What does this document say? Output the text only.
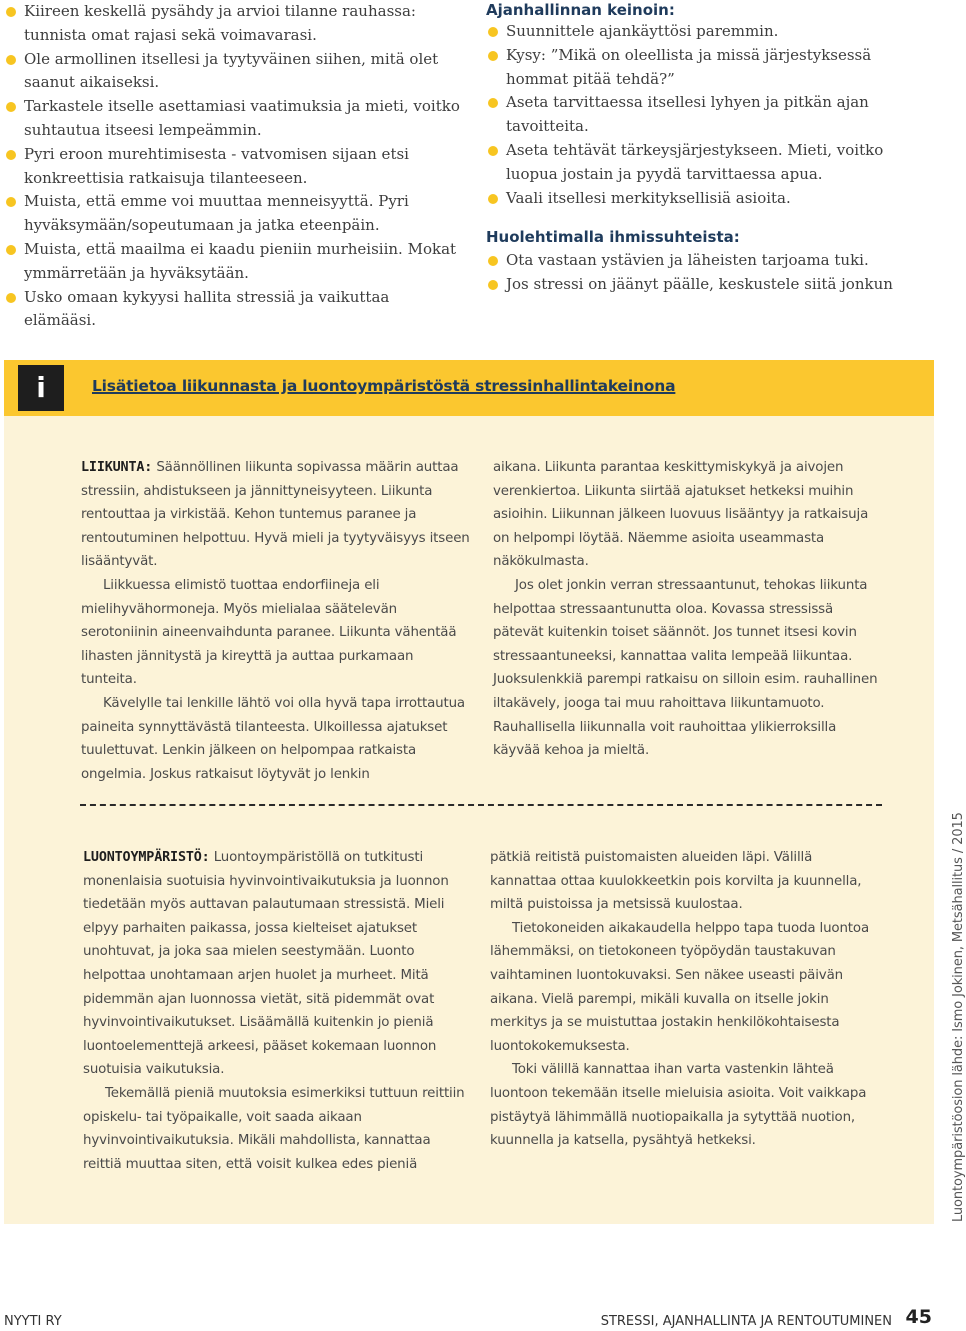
Kiireen keskellä pysähdy ja arvioi tilanne rauhassa: tunnista omat rajasi sekä voimavarasi.
Ole armollinen itsellesi ja tyytyväinen siihen, mitä olet saanut aikaiseksi.
Tarkastele itselle asettamiasi vaatimuksia ja mieti, voitko suhtautua itseesi lempeämmin.
Pyri eroon murehtimisesta - vatvomisen sijaan etsi konkreettisia ratkaisuja tilanteeseen.
Muista, että emme voi muuttaa menneisyyttä. Pyri hyväksymään/sopeutumaan ja jatka eteenpäin.
Muista, että maailma ei kaadu pieniin murheisiin. Mokat ymmärretään ja hyväksytään.
Usko omaan kykyysi hallita stressiä ja vaikuttaa elämääsi.
Ajanhallinnan keinoin:
Suunnittele ajankäyttösi paremmin.
Kysy: ”Mikä on oleellista ja missä järjestyksessä hommat pitää tehdä?”
Aseta tarvittaessa itsellesi lyhyen ja pitkän ajan tavoitteita.
Aseta tehtävät tärkeysjärjestykseen. Mieti, voitko luopua jostain ja pyydä tarvittaessa apua.
Vaali itsellesi merkityksellisiä asioita.
Huolehtimalla ihmissuhteista:
Ota vastaan ystävien ja läheisten tarjoama tuki.
Jos stressi on jäänyt päälle, keskustele siitä jonkun
i	Lisätietoa liikunnasta ja luontoympäristöstä stressinhallintakeinona

LIIKUNTA: Säännöllinen liikunta sopivassa määrin auttaa stressiin, ahdistukseen ja jännittyneisyyteen. Liikunta rentouttaa ja virkistää. Kehon tuntemus paranee ja rentoutuminen helpottuu. Hyvä mieli ja tyytyväisyys itseen lisääntyvät.

Liikkuessa elimistö tuottaa endorfiineja eli mielihyvähormoneja. Myös mielialaa säätelevän serotoniinin aineenvaihdunta paranee. Liikunta vähentää lihasten jännitystä ja kireyttä ja auttaa purkamaan tunteita.

Kävelylle tai lenkille lähtö voi olla hyvä tapa irrottautua paineita synnyttävästä tilanteesta. Ulkoillessa ajatukset tuulettuvat. Lenkin jälkeen on helpompaa ratkaista ongelmia. Joskus ratkaisut löytyvät jo lenkin

aikana. Liikunta parantaa keskittymiskykyä ja aivojen verenkiertoa. Liikunta siirtää ajatukset hetkeksi muihin asioihin. Liikunnan jälkeen luovuus lisääntyy ja ratkaisuja on helpompi löytää. Näemme asioita useammasta näkökulmasta.

Jos olet jonkin verran stressaantunut, tehokas liikunta helpottaa stressaantunutta oloa. Kovassa stressissä pätevät kuitenkin toiset säännöt. Jos tunnet itsesi kovin stressaantuneeksi, kannattaa valita lempeää liikuntaa. Juoksulenkkiä parempi ratkaisu on silloin esim. rauhallinen iltakävely, jooga tai muu rahoittava liikuntamuoto. Rauhallisella liikunnalla voit rauhoittaa ylikierroksilla käyvää kehoa ja mieltä.

LUONTOYMPÄRISTÖ: Luontoympäristöllä on tutkitusti monenlaisia suotuisia hyvinvointivaikutuksia ja luonnon tiedetään myös auttavan palautumaan stressistä. Mieli elpyy parhaiten paikassa, jossa kielteiset ajatukset unohtuvat, ja joka saa mielen seestymään. Luonto helpottaa unohtamaan arjen huolet ja murheet. Mitä pidemmän ajan luonnossa vietät, sitä pidemmät ovat hyvinvointivaikutukset. Lisäämällä kuitenkin jo pieniä luontoelementtejä arkeesi, pääset kokemaan luonnon suotuisia vaikutuksia.

Tekemällä pieniä muutoksia esimerkiksi tuttuun reittiin opiskelu- tai työpaikalle, voit saada aikaan hyvinvointivaikutuksia. Mikäli mahdollista, kannattaa reittiä muuttaa siten, että voisit kulkea edes pieniä

pätkiä reitistä puistomaisten alueiden läpi. Välillä kannattaa ottaa kuulokkeetkin pois korvilta ja kuunnella, miltä puistoissa ja metsissä kuulostaa.

Tietokoneiden aikakaudella helppo tapa tuoda luontoa lähemmäksi, on tietokoneen työpöydän taustakuvan vaihtaminen luontokuvaksi. Sen näkee useasti päivän aikana. Vielä parempi, mikäli kuvalla on itselle jokin merkitys ja se muistuttaa jostakin henkilökohtaisesta luontokokemuksesta.

Toki välillä kannattaa ihan varta vastenkin lähteä luontoon tekemään itselle mieluisia asioita. Voit vaikkapa pistäytyä lähimmällä nuotiopaikalla ja sytyttää nuotion, kuunnella ja katsella, pysähtyä hetkeksi.	Luontoympäristöosion lähde: Ismo Jokinen, Metsähallitus / 2015
NYYTI RY	STRESSI, AJANHALLINTA JA RENTOUTUMINEN 45
